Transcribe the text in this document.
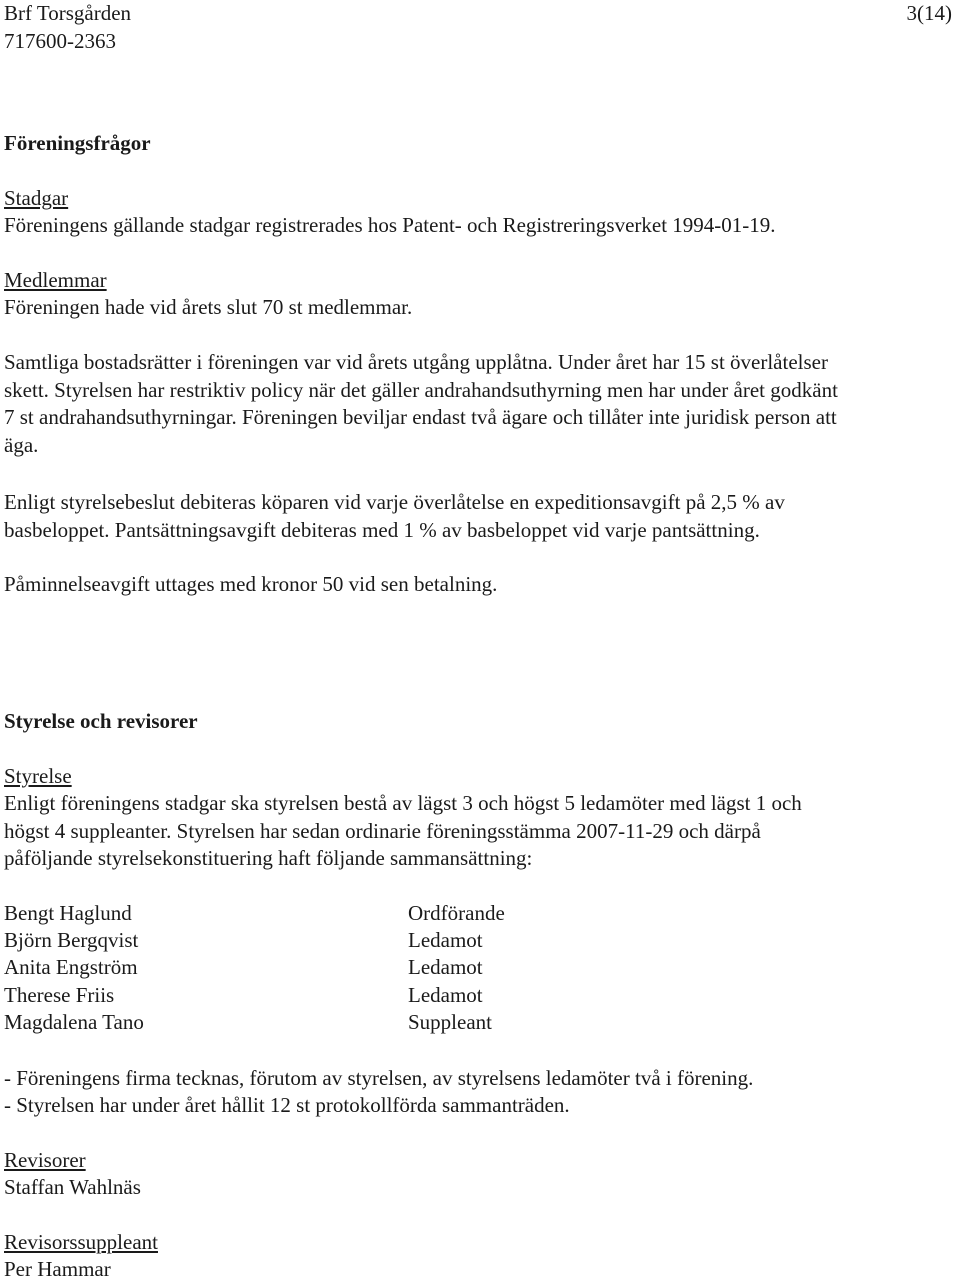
Brf Torsgården
717600-2363
3(14)
Föreningsfrågor
Stadgar
Föreningens gällande stadgar registrerades hos Patent- och Registreringsverket 1994-01-19.
Medlemmar
Föreningen hade vid årets slut 70 st medlemmar.

Samtliga bostadsrätter i föreningen var vid årets utgång upplåtna. Under året har 15 st överlåtelser

skett. Styrelsen har restriktiv policy när det gäller andrahandsuthyrning men har under året godkänt

7 st andrahandsuthyrningar. Föreningen beviljar endast två ägare och tillåter inte juridisk person att

äga.

Enligt styrelsebeslut debiteras köparen vid varje överlåtelse en expeditionsavgift på 2,5 % av

basbeloppet. Pantsättningsavgift debiteras med 1 % av basbeloppet vid varje pantsättning.

Påminnelseavgift uttages med kronor 50 vid sen betalning.
Styrelse och revisorer
Styrelse

Enligt föreningens stadgar ska styrelsen bestå av lägst 3 och högst 5 ledamöter med lägst 1 och

högst 4 suppleanter. Styrelsen har sedan ordinarie föreningsstämma 2007-11-29 och därpå

påföljande styrelsekonstituering haft följande sammansättning:

Bengt Haglund	Ordförande
Björn Bergqvist	Ledamot
Anita Engström	Ledamot
Therese Friis	Ledamot
Magdalena Tano	Suppleant
- Föreningens firma tecknas, förutom av styrelsen, av styrelsens ledamöter två i förening.
- Styrelsen har under året hållit 12 st protokollförda sammanträden.
Revisorer
Staffan Wahlnäs
Revisorssuppleant
Per Hammar
